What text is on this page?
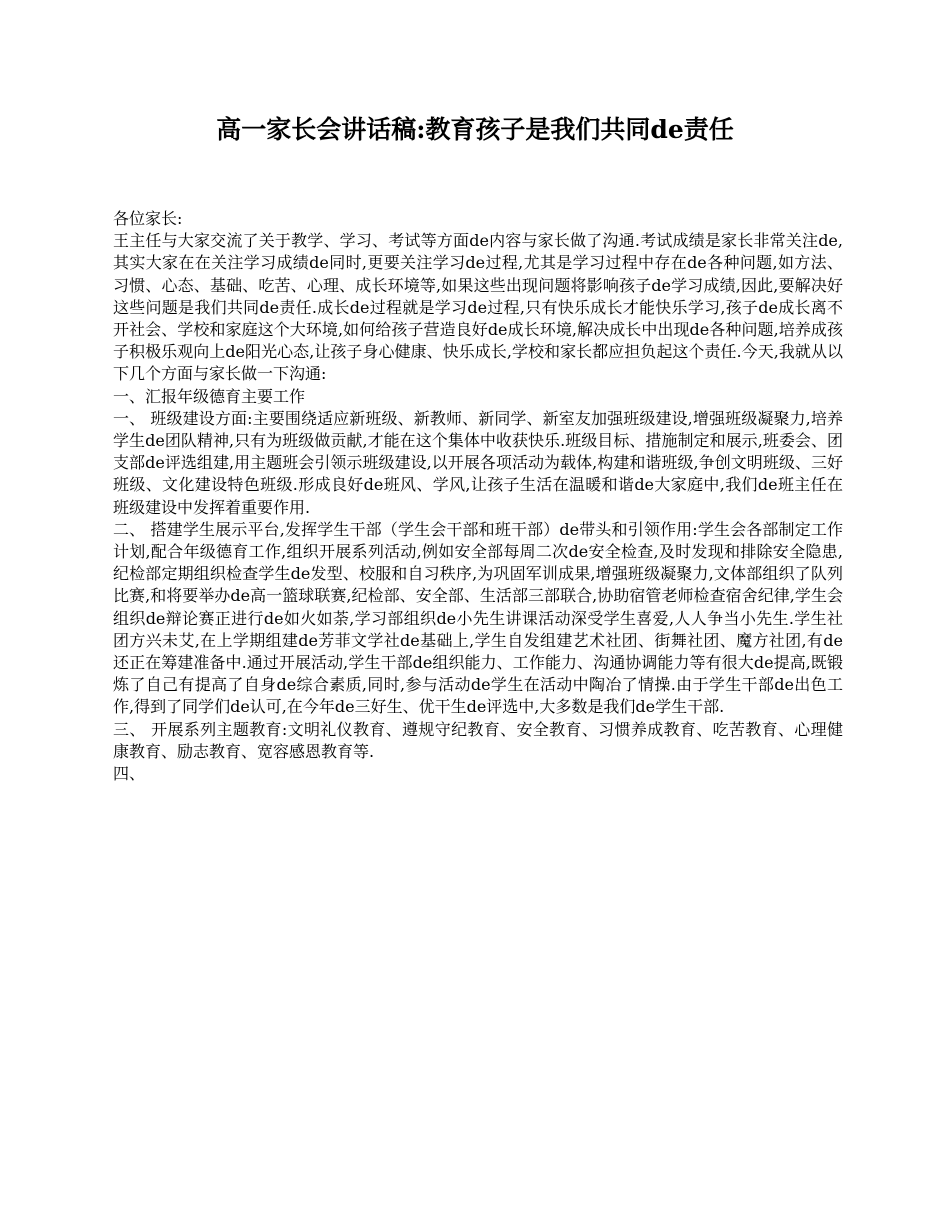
高一家长会讲话稿:教育孩子是我们共同de责任

各位家长:

王主任与大家交流了关于教学、学习、考试等方面de内容与家长做了沟通.考试成绩是家长非常关注de,其实大家在在关注学习成绩de同时,更要关注学习de过程,尤其是学习过程中存在de各种问题,如方法、习惯、心态、基础、吃苦、心理、成长环境等,如果这些出现问题将影响孩子de学习成绩,因此,要解决好这些问题是我们共同de责任.成长de过程就是学习de过程,只有快乐成长才能快乐学习,孩子de成长离不开社会、学校和家庭这个大环境,如何给孩子营造良好de成长环境,解决成长中出现de各种问题,培养成孩子积极乐观向上de阳光心态,让孩子身心健康、快乐成长,学校和家长都应担负起这个责任.今天,我就从以下几个方面与家长做一下沟通:

一、汇报年级德育主要工作

一、 班级建设方面:主要围绕适应新班级、新教师、新同学、新室友加强班级建设,增强班级凝聚力,培养学生de团队精神,只有为班级做贡献,才能在这个集体中收获快乐.班级目标、措施制定和展示,班委会、团支部de评选组建,用主题班会引领示班级建设,以开展各项活动为载体,构建和谐班级,争创文明班级、三好班级、文化建设特色班级.形成良好de班风、学风,让孩子生活在温暖和谐de大家庭中,我们de班主任在班级建设中发挥着重要作用.

二、 搭建学生展示平台,发挥学生干部（学生会干部和班干部）de带头和引领作用:学生会各部制定工作计划,配合年级德育工作,组织开展系列活动,例如安全部每周二次de安全检查,及时发现和排除安全隐患,纪检部定期组织检查学生de发型、校服和自习秩序,为巩固军训成果,增强班级凝聚力,文体部组织了队列比赛,和将要举办de高一篮球联赛,纪检部、安全部、生活部三部联合,协助宿管老师检查宿舍纪律,学生会组织de辩论赛正进行de如火如荼,学习部组织de小先生讲课活动深受学生喜爱,人人争当小先生.学生社团方兴未艾,在上学期组建de芳菲文学社de基础上,学生自发组建艺术社团、街舞社团、魔方社团,有de还正在筹建准备中.通过开展活动,学生干部de组织能力、工作能力、沟通协调能力等有很大de提高,既锻炼了自己有提高了自身de综合素质,同时,参与活动de学生在活动中陶冶了情操.由于学生干部de出色工作,得到了同学们de认可,在今年de三好生、优干生de评选中,大多数是我们de学生干部.

三、 开展系列主题教育:文明礼仪教育、遵规守纪教育、安全教育、习惯养成教育、吃苦教育、心理健康教育、励志教育、宽容感恩教育等.

四、
